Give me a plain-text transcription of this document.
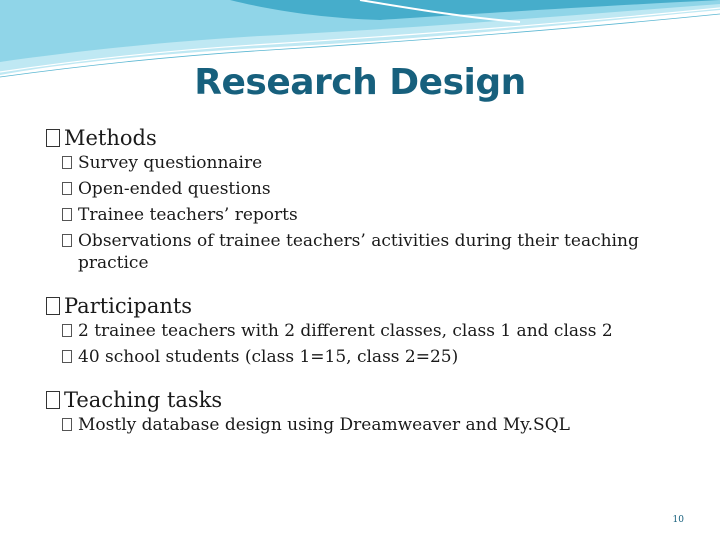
Research Design
Methods
Survey questionnaire
Open-ended questions
Trainee teachers’ reports
Observations of trainee teachers’ activities during their teaching practice
Participants
2 trainee teachers with 2 different classes, class 1 and class 2
40 school students (class 1=15, class 2=25)
Teaching tasks
Mostly database design using Dreamweaver and My.SQL
10
